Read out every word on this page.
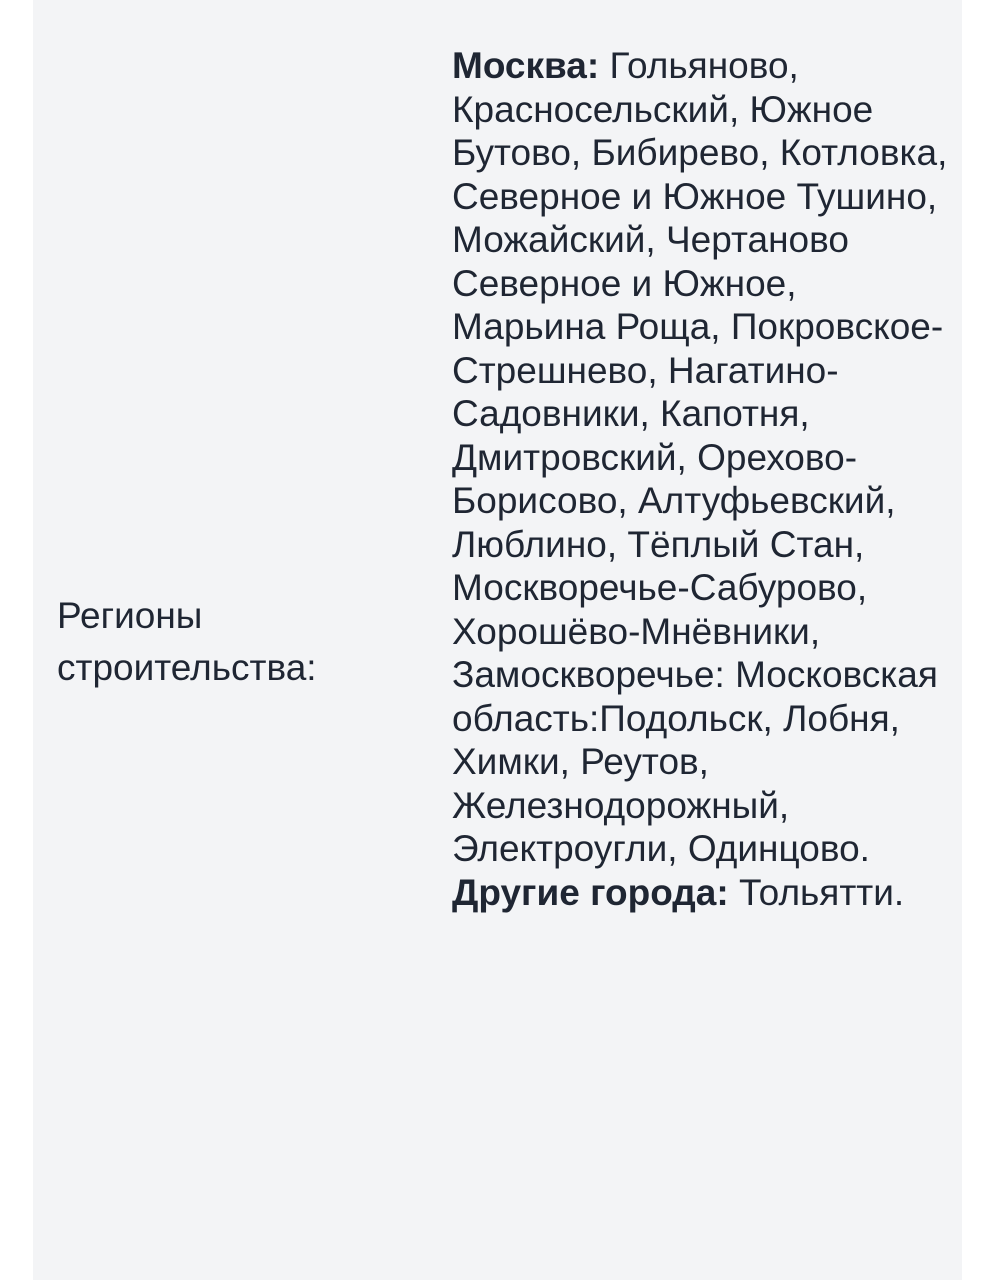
Регионы строительства:
Москва: Гольяново, Красносельский, Южное Бутово, Бибирево, Котловка, Северное и Южное Тушино, Можайский, Чертаново Северное и Южное, Марьина Роща, Покровское-Стрешнево, Нагатино-Садовники, Капотня, Дмитровский, Орехово-Борисово, Алтуфьевский, Люблино, Тёплый Стан, Москворечье-Сабурово, Хорошёво-Мнёвники, Замоскворечье: Московская область:Подольск, Лобня, Химки, Реутов, Железнодорожный, Электроугли, Одинцово.
Другие города: Тольятти.
